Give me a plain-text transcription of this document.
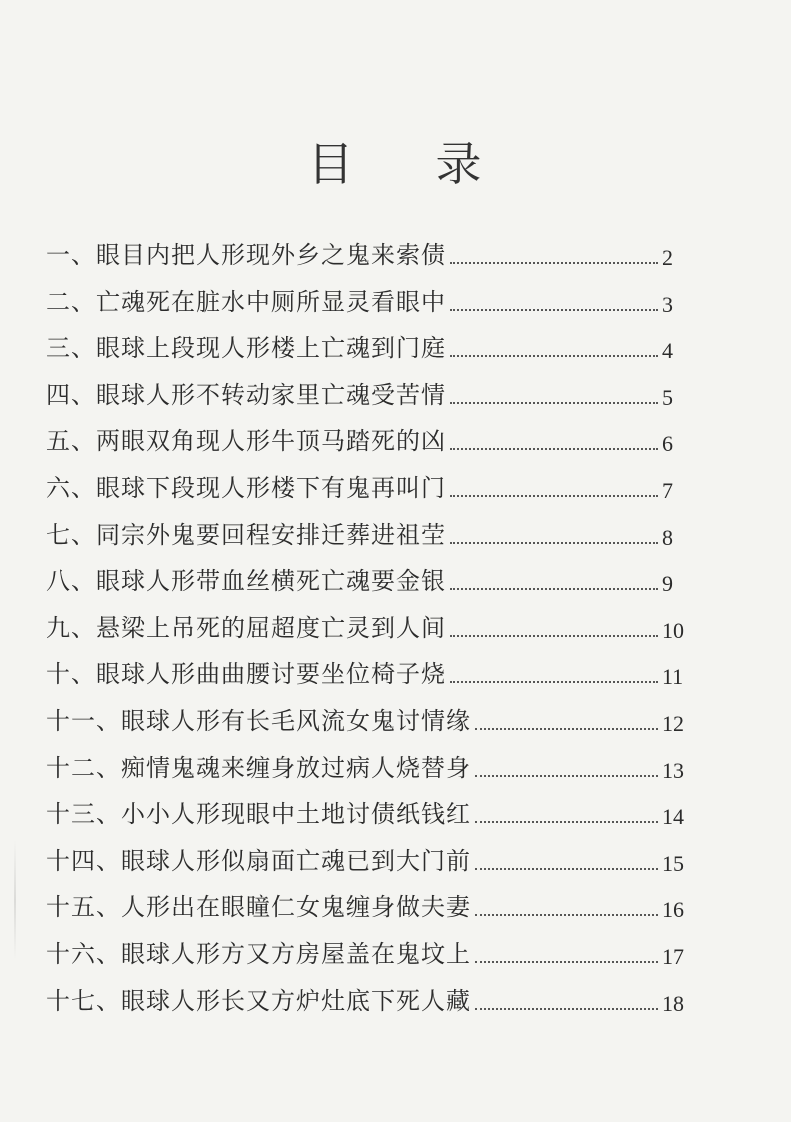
目 录
一、 眼目内把人形现外乡之鬼来索债	2
二、 亡魂死在脏水中厕所显灵看眼中	3
三、 眼球上段现人形楼上亡魂到门庭	4
四、 眼球人形不转动家里亡魂受苦情	5
五、 两眼双角现人形牛顶马踏死的凶	6
六、 眼球下段现人形楼下有鬼再叫门	7
七、 同宗外鬼要回程安排迁葬进祖茔	8
八、 眼球人形带血丝横死亡魂要金银	9
九、 悬梁上吊死的屈超度亡灵到人间	10
十、 眼球人形曲曲腰讨要坐位椅子烧	11
十一、 眼球人形有长毛风流女鬼讨情缘	12
十二、 痴情鬼魂来缠身放过病人烧替身	13
十三、 小小人形现眼中土地讨债纸钱红	14
十四、 眼球人形似扇面亡魂已到大门前	15
十五、 人形出在眼瞳仁女鬼缠身做夫妻	16
十六、 眼球人形方又方房屋盖在鬼坟上	17
十七、 眼球人形长又方炉灶底下死人藏	18
